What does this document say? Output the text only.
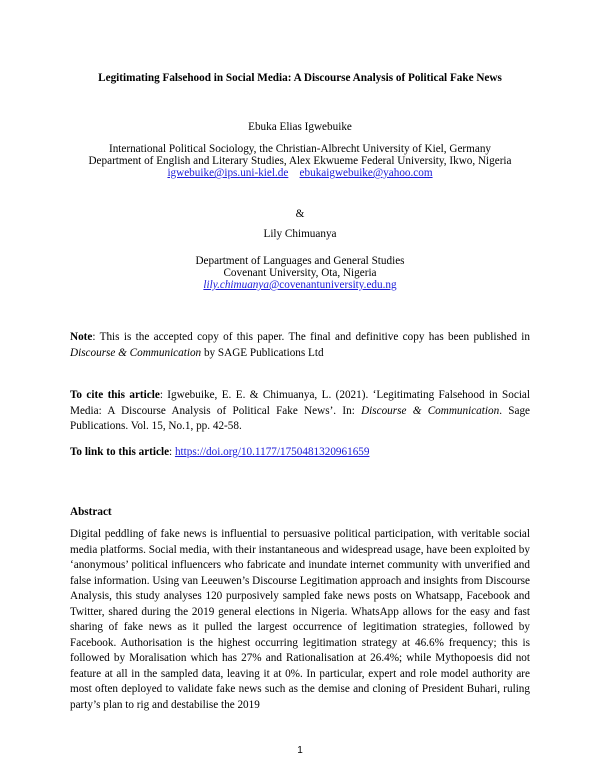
Legitimating Falsehood in Social Media: A Discourse Analysis of Political Fake News
Ebuka Elias Igwebuike
International Political Sociology, the Christian-Albrecht University of Kiel, Germany
Department of English and Literary Studies, Alex Ekwueme Federal University, Ikwo, Nigeria
igwebuike@ips.uni-kiel.de ebukaigwebuike@yahoo.com
&
Lily Chimuanya
Department of Languages and General Studies
Covenant University, Ota, Nigeria
lily.chimuanya@covenantuniversity.edu.ng
Note: This is the accepted copy of this paper. The final and definitive copy has been published in Discourse & Communication by SAGE Publications Ltd
To cite this article: Igwebuike, E. E. & Chimuanya, L. (2021). ‘Legitimating Falsehood in Social Media: A Discourse Analysis of Political Fake News’. In: Discourse & Communication. Sage Publications. Vol. 15, No.1, pp. 42-58.
To link to this article: https://doi.org/10.1177/1750481320961659
Abstract
Digital peddling of fake news is influential to persuasive political participation, with veritable social media platforms. Social media, with their instantaneous and widespread usage, have been exploited by ‘anonymous’ political influencers who fabricate and inundate internet community with unverified and false information. Using van Leeuwen’s Discourse Legitimation approach and insights from Discourse Analysis, this study analyses 120 purposively sampled fake news posts on Whatsapp, Facebook and Twitter, shared during the 2019 general elections in Nigeria. WhatsApp allows for the easy and fast sharing of fake news as it pulled the largest occurrence of legitimation strategies, followed by Facebook. Authorisation is the highest occurring legitimation strategy at 46.6% frequency; this is followed by Moralisation which has 27% and Rationalisation at 26.4%; while Mythopoesis did not feature at all in the sampled data, leaving it at 0%. In particular, expert and role model authority are most often deployed to validate fake news such as the demise and cloning of President Buhari, ruling party’s plan to rig and destabilise the 2019
1
